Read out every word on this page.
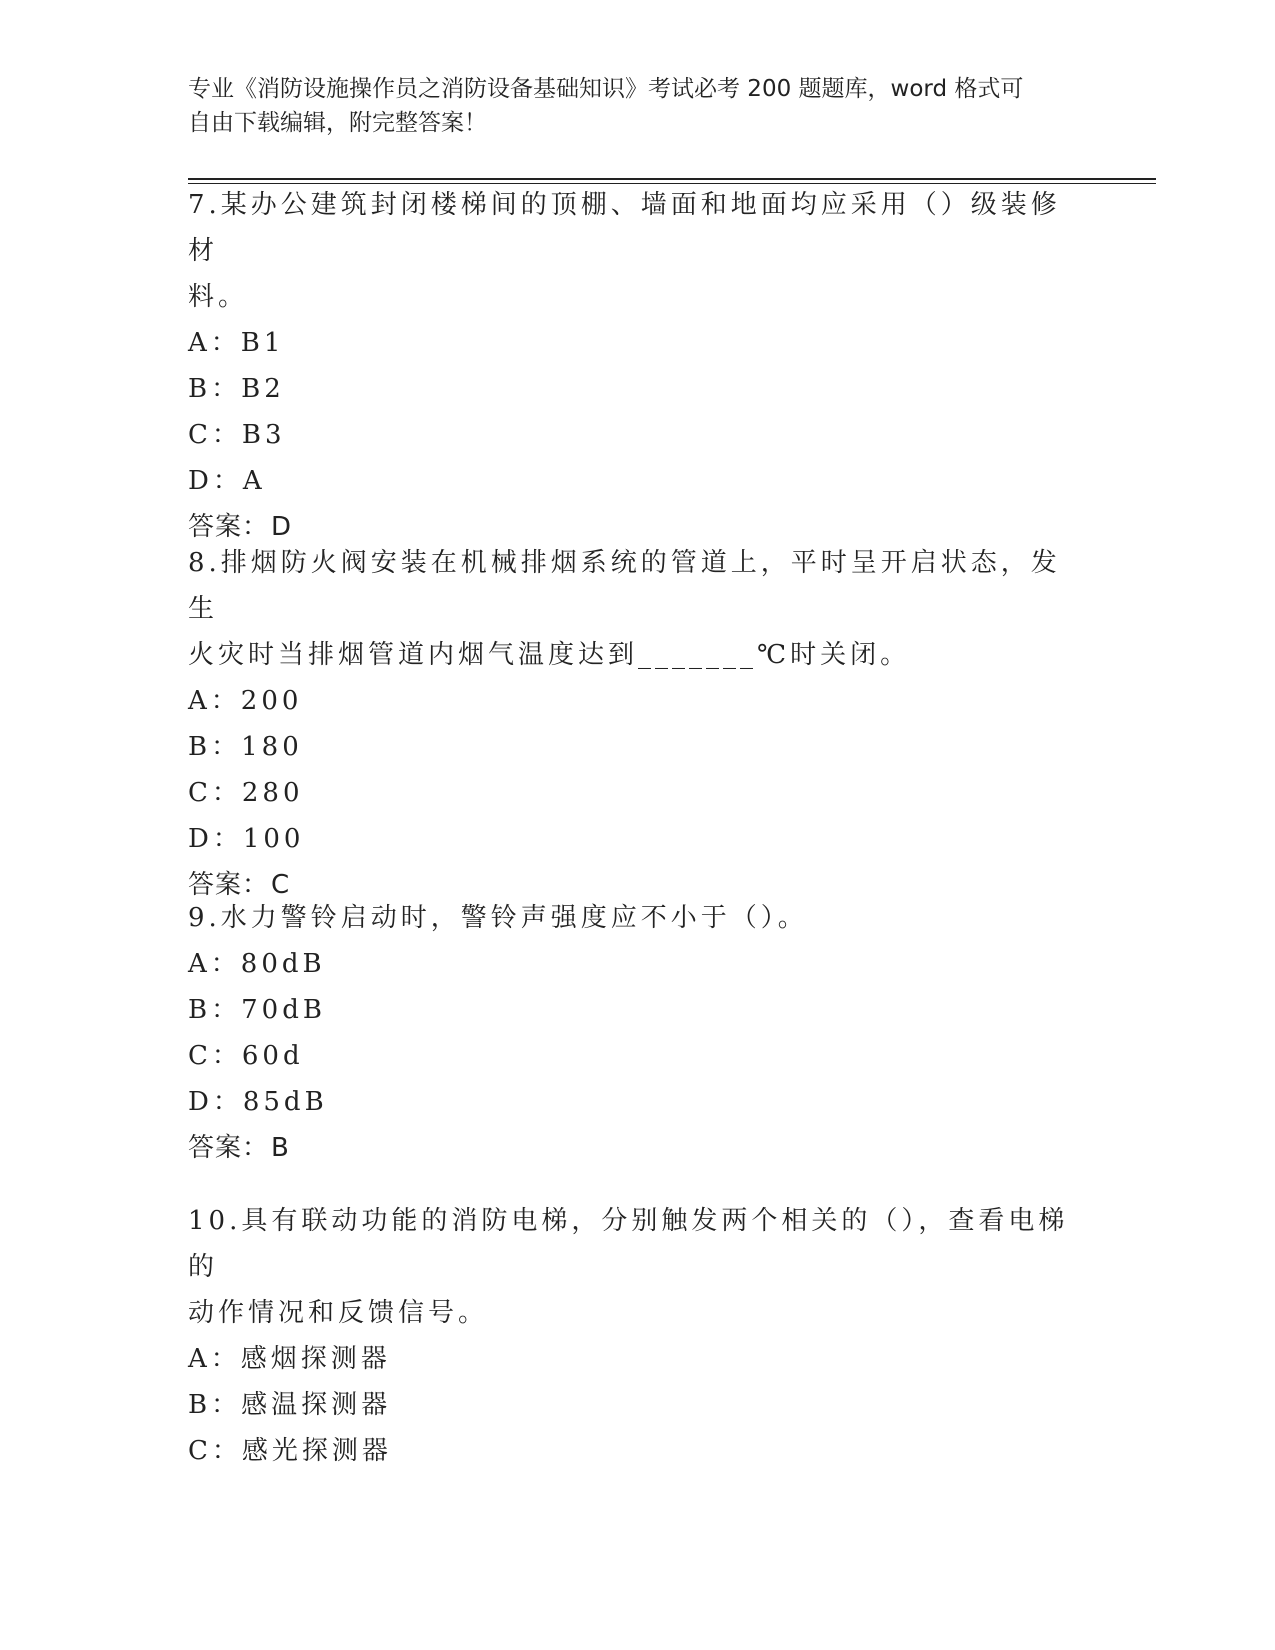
专业《消防设施操作员之消防设备基础知识》考试必考 200 题题库，word 格式可
自由下载编辑，附完整答案！

7.某办公建筑封闭楼梯间的顶棚、墙面和地面均应采用（）级装修材

料。

A：B1

B：B2

C：B3

D：A

答案：D

8.排烟防火阀安装在机械排烟系统的管道上，平时呈开启状态，发生

火灾时当排烟管道内烟气温度达到_______℃时关闭。

A：200

B：180

C：280

D：100

答案：C

9.水力警铃启动时，警铃声强度应不小于（）。

A：80dB

B：70dB

C：60d

D：85dB

答案：B

10.具有联动功能的消防电梯，分别触发两个相关的（），查看电梯的

动作情况和反馈信号。

A：感烟探测器

B：感温探测器

C：感光探测器
